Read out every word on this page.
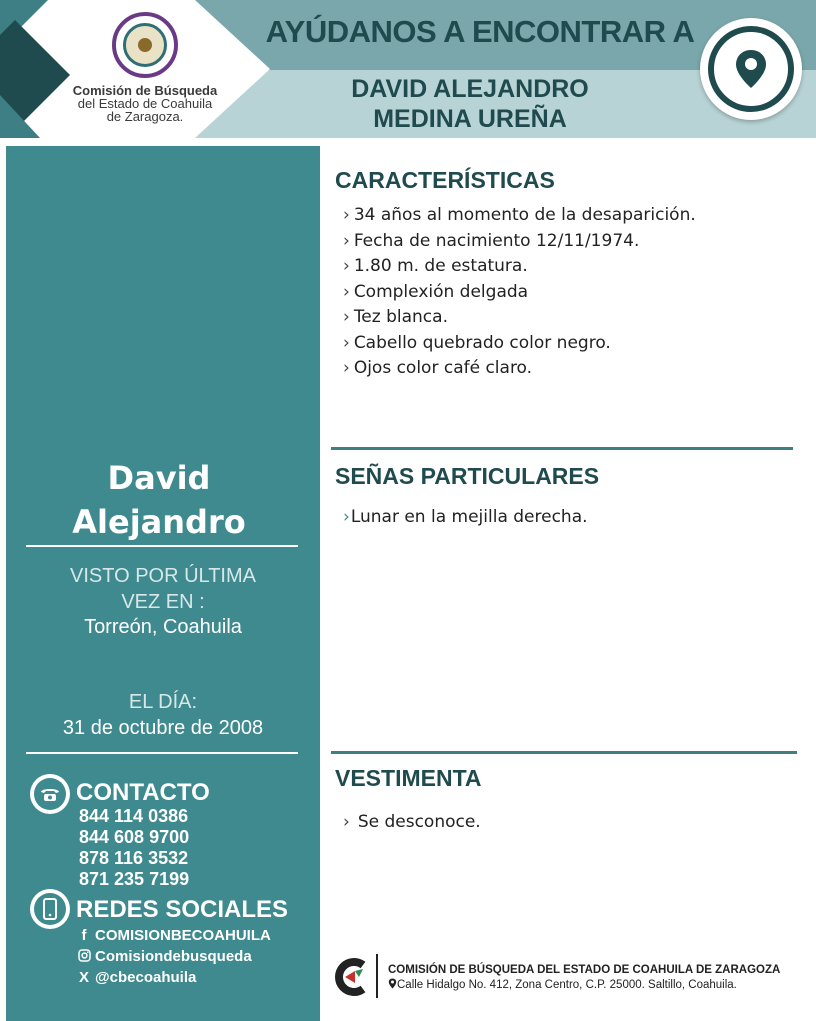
Comisión de Búsqueda
del Estado de Coahuila
de Zaragoza.
AYÚDANOS A ENCONTRAR A
DAVID ALEJANDRO
MEDINA UREÑA
David
Alejandro
VISTO POR ÚLTIMA
VEZ EN :
Torreón, Coahuila
EL DÍA:
31 de octubre de 2008
CONTACTO
844 114 0386
844 608 9700
878 116 3532
871 235 7199
REDES SOCIALES
f COMISIONBECOAHUILA
Comisiondebusqueda
X @cbecoahuila
CARACTERÍSTICAS
› 34 años al momento de la desaparición.
› Fecha de nacimiento 12/11/1974.
› 1.80 m. de estatura.
› Complexión delgada
› Tez blanca.
› Cabello quebrado color negro.
› Ojos color café claro.
SEÑAS PARTICULARES
›Lunar en la mejilla derecha.
VESTIMENTA
› Se desconoce.
COMISIÓN DE BÚSQUEDA DEL ESTADO DE COAHUILA DE ZARAGOZA
Calle Hidalgo No. 412, Zona Centro, C.P. 25000. Saltillo, Coahuila.
